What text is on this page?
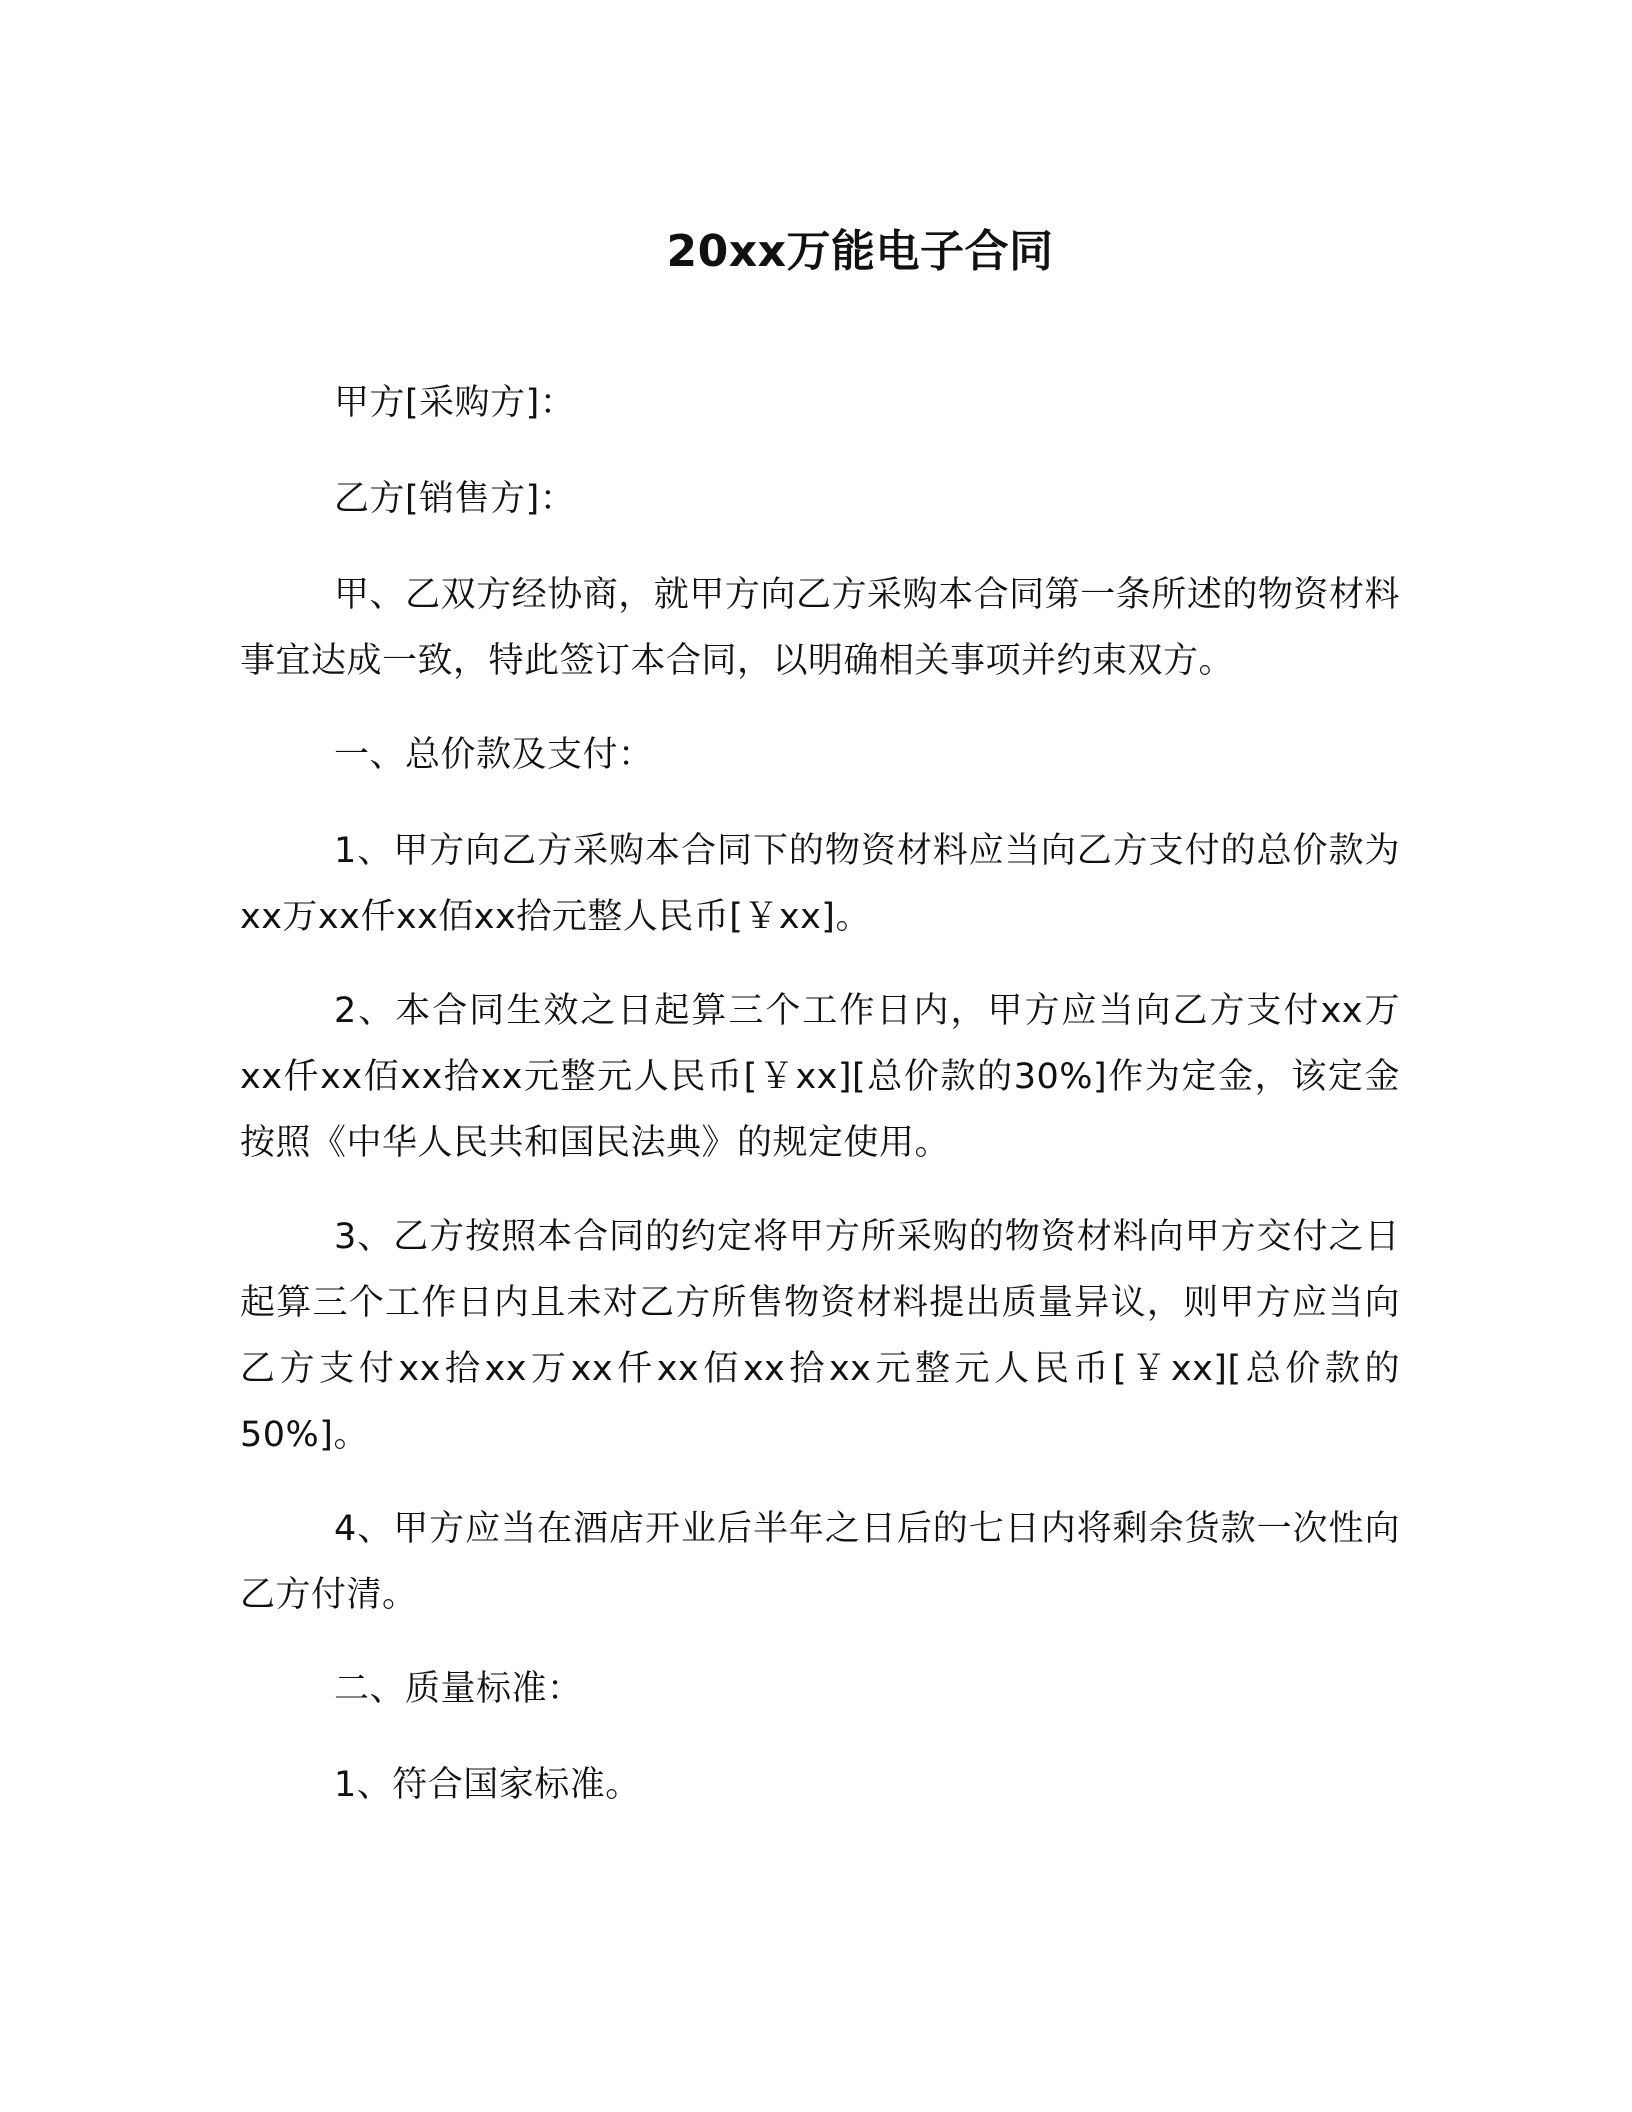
20xx万能电子合同

甲方[采购方]：

乙方[销售方]：

甲、乙双方经协商，就甲方向乙方采购本合同第一条所述的物资材料事宜达成一致，特此签订本合同，以明确相关事项并约束双方。

一、总价款及支付：

1、甲方向乙方采购本合同下的物资材料应当向乙方支付的总价款为xx万xx仟xx佰xx拾元整人民币[￥xx]。

2、本合同生效之日起算三个工作日内，甲方应当向乙方支付xx万xx仟xx佰xx拾xx元整元人民币[￥xx][总价款的30%]作为定金，该定金按照《中华人民共和国民法典》的规定使用。

3、乙方按照本合同的约定将甲方所采购的物资材料向甲方交付之日起算三个工作日内且未对乙方所售物资材料提出质量异议，则甲方应当向乙方支付xx拾xx万xx仟xx佰xx拾xx元整元人民币[￥xx][总价款的50%]。

4、甲方应当在酒店开业后半年之日后的七日内将剩余货款一次性向乙方付清。

二、质量标准：

1、符合国家标准。
